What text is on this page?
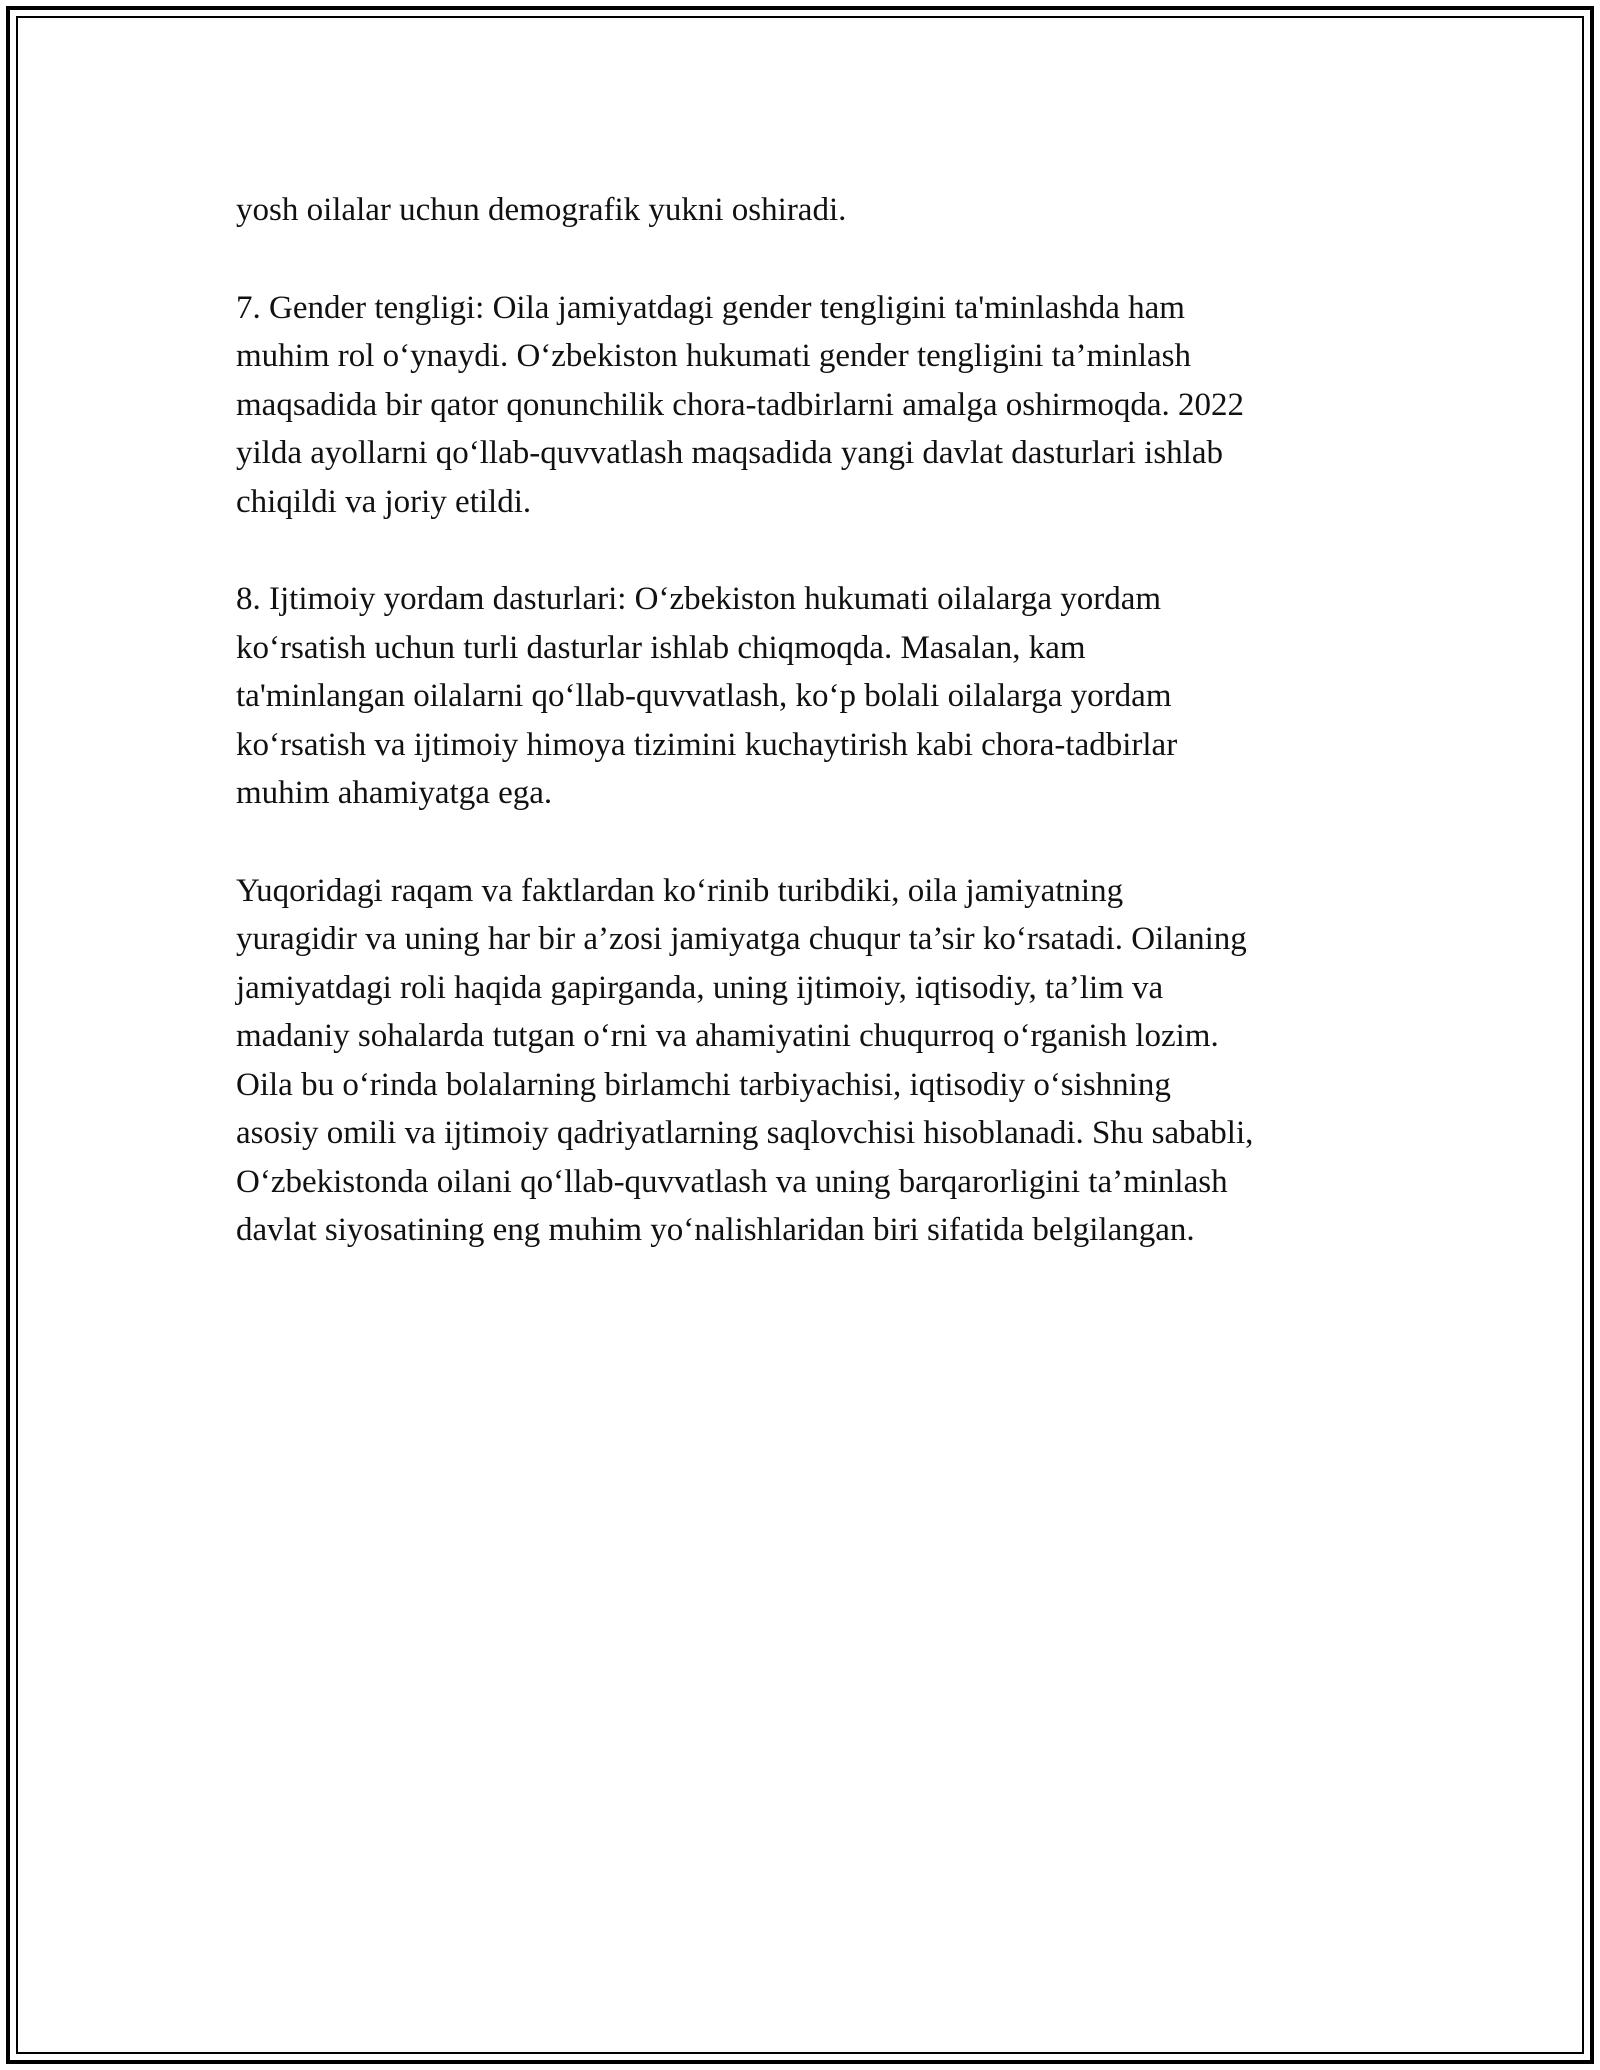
yosh oilalar uchun demografik yukni oshiradi.

7. Gender tengligi: Oila jamiyatdagi gender tengligini ta'minlashda ham
muhim rol o‘ynaydi. O‘zbekiston hukumati gender tengligini ta’minlash
maqsadida bir qator qonunchilik chora-tadbirlarni amalga oshirmoqda. 2022
yilda ayollarni qo‘llab-quvvatlash maqsadida yangi davlat dasturlari ishlab
chiqildi va joriy etildi.

8. Ijtimoiy yordam dasturlari: O‘zbekiston hukumati oilalarga yordam
ko‘rsatish uchun turli dasturlar ishlab chiqmoqda. Masalan, kam
ta'minlangan oilalarni qo‘llab-quvvatlash, ko‘p bolali oilalarga yordam
ko‘rsatish va ijtimoiy himoya tizimini kuchaytirish kabi chora-tadbirlar
muhim ahamiyatga ega.

Yuqoridagi raqam va faktlardan ko‘rinib turibdiki, oila jamiyatning
yuragidir va uning har bir a’zosi jamiyatga chuqur ta’sir ko‘rsatadi. Oilaning
jamiyatdagi roli haqida gapirganda, uning ijtimoiy, iqtisodiy, ta’lim va
madaniy sohalarda tutgan o‘rni va ahamiyatini chuqurroq o‘rganish lozim.
Oila bu o‘rinda bolalarning birlamchi tarbiyachisi, iqtisodiy o‘sishning
asosiy omili va ijtimoiy qadriyatlarning saqlovchisi hisoblanadi. Shu sababli,
O‘zbekistonda oilani qo‘llab-quvvatlash va uning barqarorligini ta’minlash
davlat siyosatining eng muhim yo‘nalishlaridan biri sifatida belgilangan.
